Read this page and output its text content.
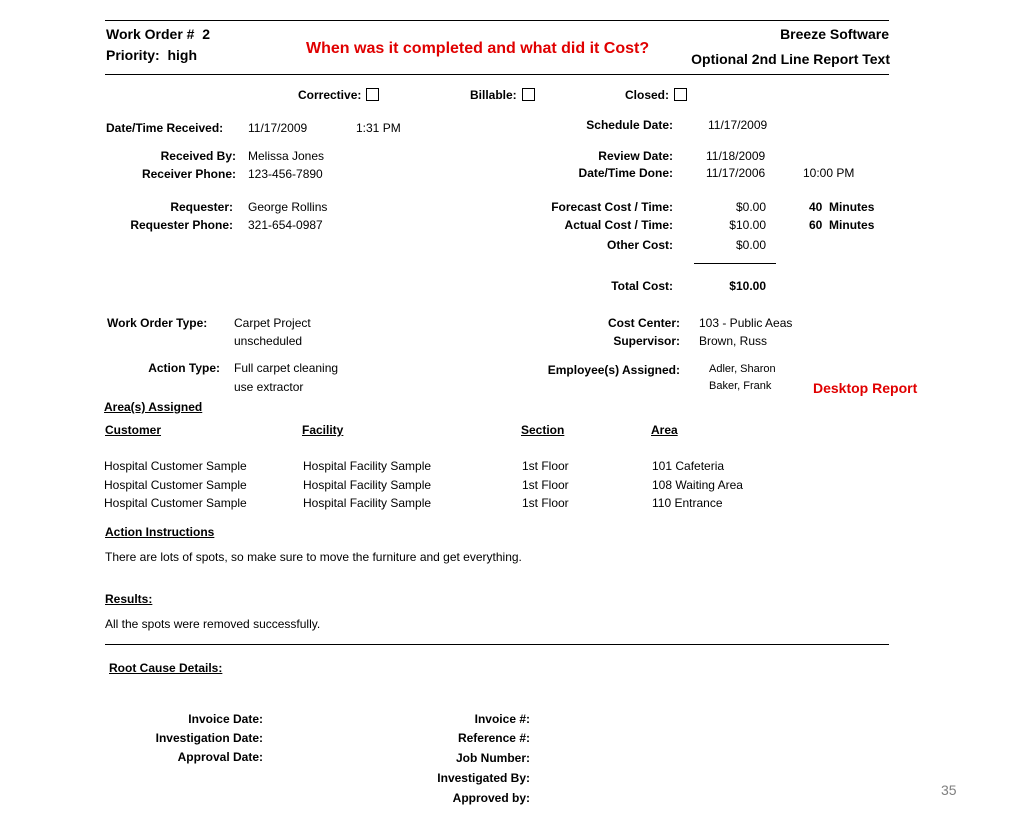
Work Order # 2
Priority: high	When was it completed and what did it Cost?
Breeze Software
Optional 2nd Line Report Text
Corrective:	Billable:	Closed:
Date/Time Received: 11/17/2009	1:31 PM
Received By: Melissa Jones
Receiver Phone: 123-456-7890
Requester: George Rollins
Requester Phone: 321-654-0987
Work Order Type: Carpet Project
unscheduled
Action Type: Full carpet cleaning
use extractor
Schedule Date:	11/17/2009
Review Date:	11/18/2009
Date/Time Done:	11/17/2006	10:00 PM
Forecast Cost / Time:	$0.00	40 Minutes
Actual Cost / Time:	$10.00	60 Minutes
Other Cost:	$0.00
Total Cost:	$10.00
Cost Center: 103 - Public Aeas
Supervisor: Brown, Russ
Employee(s) Assigned:	Adler, Sharon
Baker, Frank	Desktop Report
Area(s) Assigned
Customer	Facility	Section	Area
Hospital Customer Sample	Hospital Facility Sample	1st Floor	101 Cafeteria
Hospital Customer Sample	Hospital Facility Sample	1st Floor	108 Waiting Area
Hospital Customer Sample	Hospital Facility Sample	1st Floor	110 Entrance
Action Instructions
There are lots of spots, so make sure to move the furniture and get everything.
Results:
All the spots were removed successfully.
Root Cause Details:
Invoice Date:
Investigation Date:
Approval Date:
Invoice #:
Reference #:
Job Number:
Investigated By:
Approved by:	35
